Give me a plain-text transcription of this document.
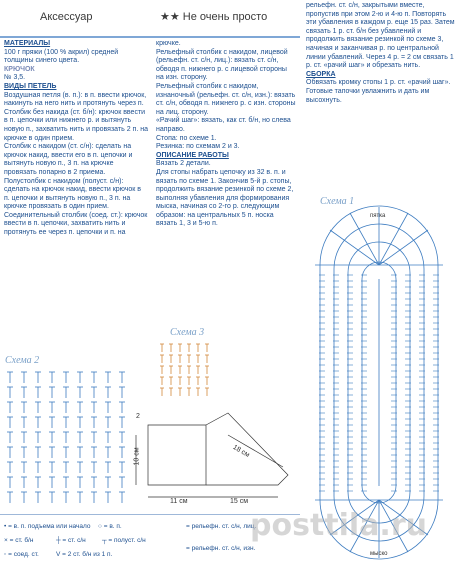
Аксессуар	★★ Не очень просто

МАТЕРИАЛЫ

100 г пряжи (100 % акрил) средней толщины синего цвета.

КРЮЧОК

№ 3,5.

ВИДЫ ПЕТЕЛЬ

Воздушная петля (в. п.): в п. ввести крючок, накинуть на него нить и протянуть через п.

Столбик без накида (ст. б/н): крючок ввести в п. цепочки или нижнего р. и вытянуть новую п., захватить нить и провязать 2 п. на крючке в один прием.

Столбик с накидом (ст. с/н): сделать на крючок накид, ввести его в п. цепочки и вытянуть новую п., 3 п. на крючке провязать попарно в 2 приема.

Полустолбик с накидом (полуст. с/н): сделать на крючок накид, ввести крючок в п. цепочки и вытянуть новую п., 3 п. на крючке провязать в один прием.

Соединительный столбик (соед. ст.): крючок ввести в п. цепочки, захватить нить и протянуть ее через п. цепочки и п. на

крючке.

Рельефный столбик с накидом, лицевой (рельефн. ст. с/н, лиц.): вязать ст. с/н, обводя п. нижнего р. с лицевой стороны на изн. сторону.

Рельефный столбик с накидом, изнаночный (рельефн. ст. с/н, изн.): вязать ст. с/н, обводя п. нижнего р. с изн. стороны на лиц. сторону.

«Рачий шаг»: вязать, как ст. б/н, но слева направо.

Стопа: по схеме 1.

Резинка: по схемам 2 и 3.

ОПИСАНИЕ РАБОТЫ

Вязать 2 детали.

Для стопы набрать цепочку из 32 в. п. и вязать по схеме 1. Закончив 5-й р. стопы, продолжить вязание резинкой по схеме 2, выполняя убавления для формирования мыска, начиная со 2-го р. следующим образом: на центральных 5 п. носка вязать 1, 3 и 5-ю п.

рельефн. ст. с/н, закрытыми вместе, пропустив при этом 2-ю и 4-ю п. Повторять эти убавления в каждом р. еще 15 раз. Затем связать 1 р. ст. б/н без убавлений и продолжить вязание резинкой по схеме 3, начиная и заканчивая р. по центральной линии убавлений. Через 4 р. = 2 см связать 1 р. ст. «рачий шаг» и обрезать нить.

СБОРКА

Обвязать кромку стопы 1 р. ст. «рачий шаг».

Готовые тапочки увлажнить и дать им высохнуть.

Схема 1
пятка
мыско
Схема 2
Схема 3
10 см
11 см	15 см
18 см
2
• = в. п. подъема или начало ○ = в. п.
× = ст. б/н	┼ = ст. с/н ┬ = полуст. с/н
◦ = соед. ст.	V = 2 ст. б/н из 1 п.
= рельефн. ст. с/н, лиц.
= рельефн. ст. с/н, изн.
posttila.ru
